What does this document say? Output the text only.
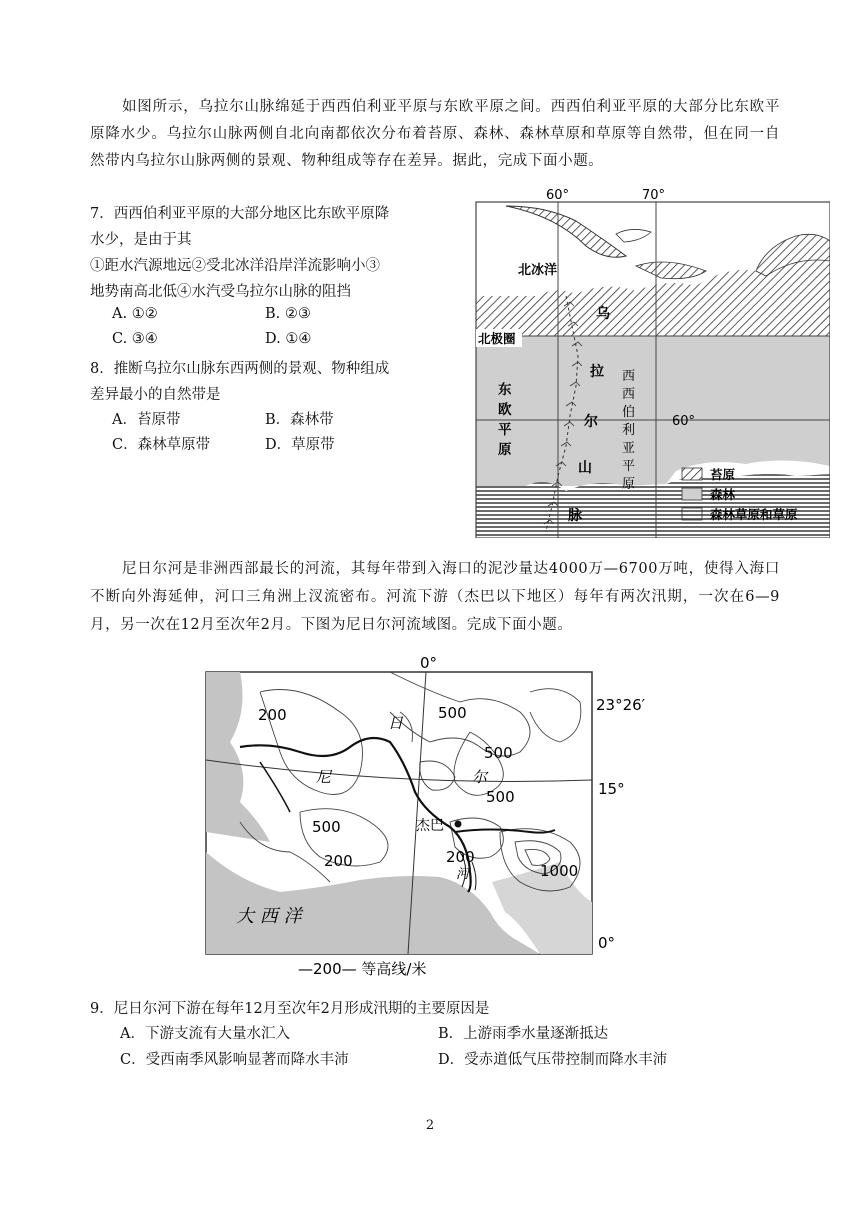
如图所示，乌拉尔山脉绵延于西西伯利亚平原与东欧平原之间。西西伯利亚平原的大部分比东欧平原降水少。乌拉尔山脉两侧自北向南都依次分布着苔原、森林、森林草原和草原等自然带，但在同一自然带内乌拉尔山脉两侧的景观、物种组成等存在差异。据此，完成下面小题。
7．西西伯利亚平原的大部分地区比东欧平原降
水少，是由于其
①距水汽源地远②受北冰洋沿岸洋流影响小③
地势南高北低④水汽受乌拉尔山脉的阻挡
A. ①②	B. ②③
C. ③④	D. ①④
8．推断乌拉尔山脉东西两侧的景观、物种组成
差异最小的自然带是
A．苔原带	B．森林带
C．森林草原带	D．草原带
60°	70°
60°
北冰洋
北极圈
东
欧
平
原
西
西
伯
利
亚
平
原
乌
拉
尔
山
脉
苔原
森林
森林草原和草原
尼日尔河是非洲西部最长的河流，其每年带到入海口的泥沙量达4000万—6700万吨，使得入海口不断向外海延伸，河口三角洲上汊流密布。河流下游（杰巴以下地区）每年有两次汛期，一次在6—9月，另一次在12月至次年2月。下图为尼日尔河流域图。完成下面小题。
0°
23°26′
15°
0°
200	500
500
500
500
200	200
1000
日
尼	尔
河
杰巴
大 西 洋
—200— 等高线/米
9．尼日尔河下游在每年12月至次年2月形成汛期的主要原因是
A．下游支流有大量水汇入	B．上游雨季水量逐渐抵达
C．受西南季风影响显著而降水丰沛	D．受赤道低气压带控制而降水丰沛
2
